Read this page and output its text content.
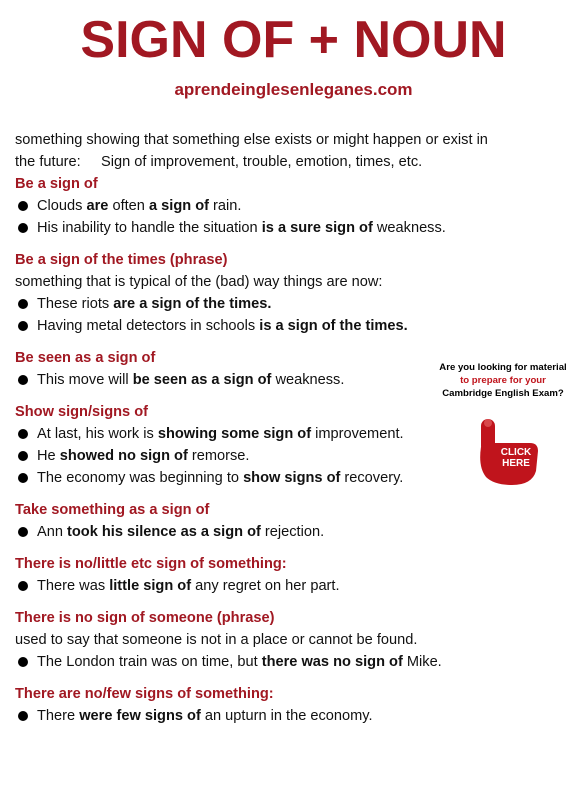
SIGN OF + NOUN
aprendeinglesenleganes.com

something showing that something else exists or might happen or exist in

the future:     Sign of improvement, trouble, emotion, times, etc.

Be a sign of

Clouds are often a sign of rain.

His inability to handle the situation is a sure sign of weakness.

Be a sign of the times (phrase)

something that is typical of the (bad) way things are now:

These riots are a sign of the times.

Having metal detectors in schools is a sign of the times.

Be seen as a sign of

This move will be seen as a sign of weakness.

Show sign/signs of

At last, his work is showing some sign of improvement.

He showed no sign of remorse.

The economy was beginning to show signs of recovery.

Take something as a sign of

Ann took his silence as a sign of rejection.

There is no/little etc sign of something:

There was little sign of any regret on her part.

There is no sign of someone (phrase)

used to say that someone is not in a place or cannot be found.

The London train was on time, but there was no sign of Mike.

There are no/few signs of something:

There were few signs of an upturn in the economy.

Are you looking for material
to prepare for your
Cambridge English Exam?
CLICK
HERE
